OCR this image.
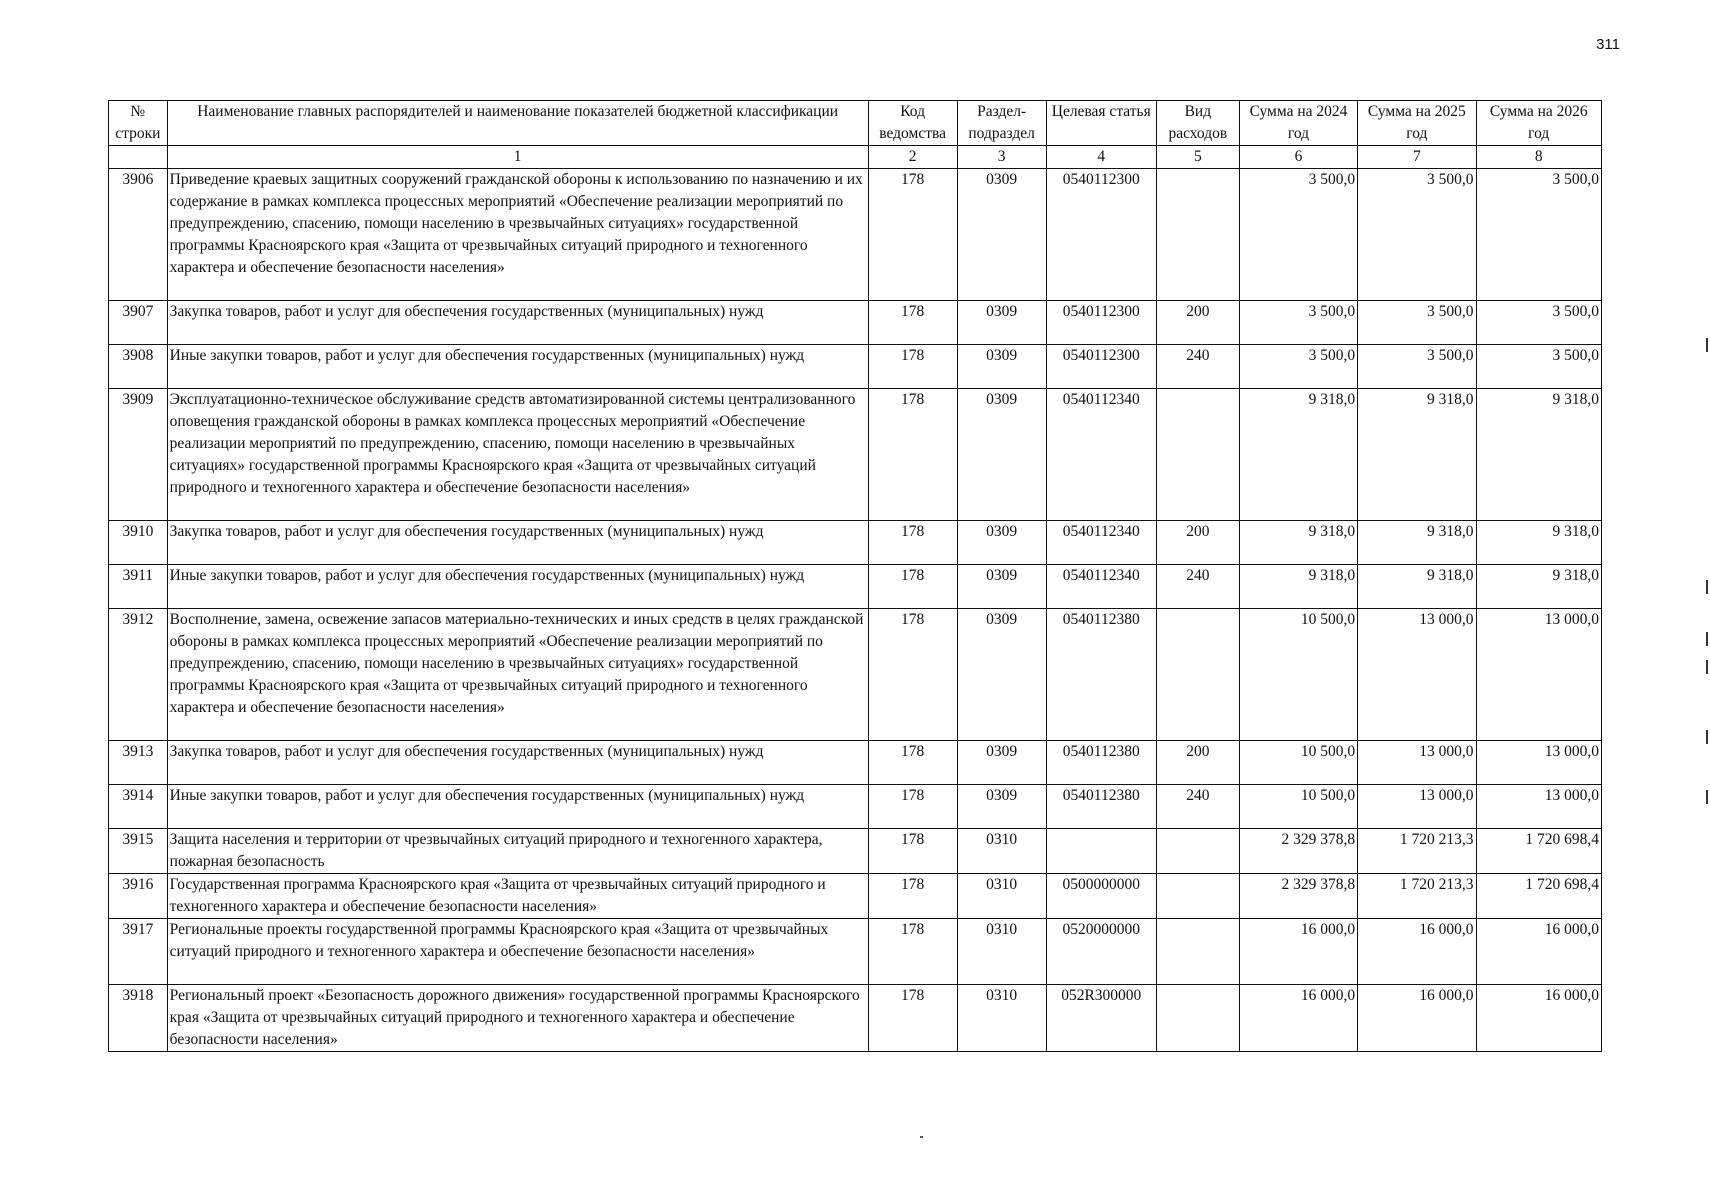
311
№ строки	Наименование главных распорядителей и наименование показателей бюджетной классификации	Код ведомства	Раздел-подраздел	Целевая статья	Вид расходов	Сумма на 2024 год	Сумма на 2025 год	Сумма на 2026 год
	1	2	3	4	5	6	7	8
3906	Приведение краевых защитных сооружений гражданской обороны к использованию по назначению и их содержание в рамках комплекса процессных мероприятий «Обеспечение реализации мероприятий по предупреждению, спасению, помощи населению в чрезвычайных ситуациях» государственной программы Красноярского края «Защита от чрезвычайных ситуаций природного и техногенного характера и обеспечение безопасности населения»	178	0309	0540112300		3 500,0	3 500,0	3 500,0
3907	Закупка товаров, работ и услуг для обеспечения государственных (муниципальных) нужд	178	0309	0540112300	200	3 500,0	3 500,0	3 500,0
3908	Иные закупки товаров, работ и услуг для обеспечения государственных (муниципальных) нужд	178	0309	0540112300	240	3 500,0	3 500,0	3 500,0
3909	Эксплуатационно-техническое обслуживание средств автоматизированной системы централизованного оповещения гражданской обороны в рамках комплекса процессных мероприятий «Обеспечение реализации мероприятий по предупреждению, спасению, помощи населению в чрезвычайных ситуациях» государственной программы Красноярского края «Защита от чрезвычайных ситуаций природного и техногенного характера и обеспечение безопасности населения»	178	0309	0540112340		9 318,0	9 318,0	9 318,0
3910	Закупка товаров, работ и услуг для обеспечения государственных (муниципальных) нужд	178	0309	0540112340	200	9 318,0	9 318,0	9 318,0
3911	Иные закупки товаров, работ и услуг для обеспечения государственных (муниципальных) нужд	178	0309	0540112340	240	9 318,0	9 318,0	9 318,0
3912	Восполнение, замена, освежение запасов материально-технических и иных средств в целях гражданской обороны в рамках комплекса процессных мероприятий «Обеспечение реализации мероприятий по предупреждению, спасению, помощи населению в чрезвычайных ситуациях» государственной программы Красноярского края «Защита от чрезвычайных ситуаций природного и техногенного характера и обеспечение безопасности населения»	178	0309	0540112380		10 500,0	13 000,0	13 000,0
3913	Закупка товаров, работ и услуг для обеспечения государственных (муниципальных) нужд	178	0309	0540112380	200	10 500,0	13 000,0	13 000,0
3914	Иные закупки товаров, работ и услуг для обеспечения государственных (муниципальных) нужд	178	0309	0540112380	240	10 500,0	13 000,0	13 000,0
3915	Защита населения и территории от чрезвычайных ситуаций природного и техногенного характера, пожарная безопасность	178	0310			2 329 378,8	1 720 213,3	1 720 698,4
3916	Государственная программа Красноярского края «Защита от чрезвычайных ситуаций природного и техногенного характера и обеспечение безопасности населения»	178	0310	0500000000		2 329 378,8	1 720 213,3	1 720 698,4
3917	Региональные проекты государственной программы Красноярского края «Защита от чрезвычайных ситуаций природного и техногенного характера и обеспечение безопасности населения»	178	0310	0520000000		16 000,0	16 000,0	16 000,0
3918	Региональный проект «Безопасность дорожного движения» государственной программы Красноярского края «Защита от чрезвычайных ситуаций природного и техногенного характера и обеспечение безопасности населения»	178	0310	052R300000		16 000,0	16 000,0	16 000,0
